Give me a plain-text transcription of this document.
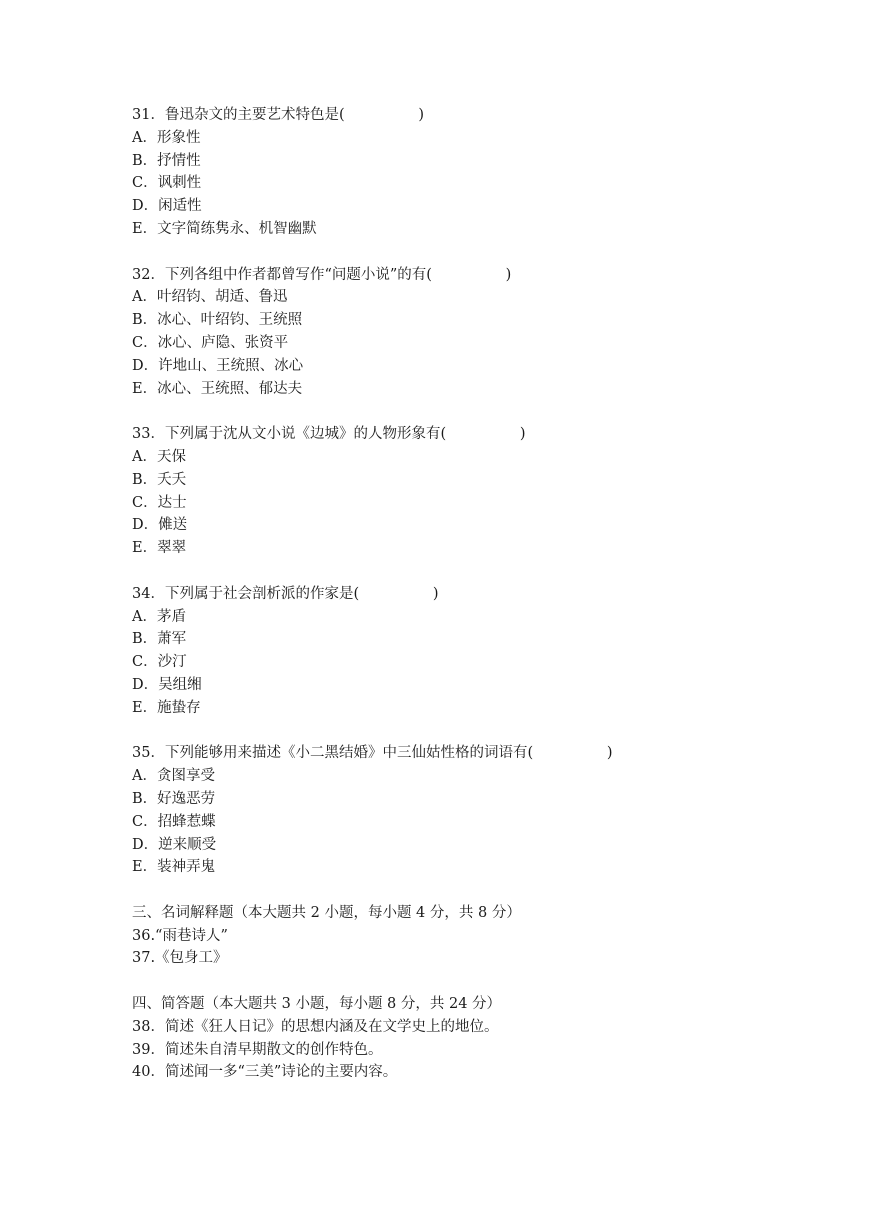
31．鲁迅杂文的主要艺术特色是(                )
A．形象性
B．抒情性
C．讽刺性
D．闲适性
E．文字简练隽永、机智幽默
32．下列各组中作者都曾写作“问题小说”的有(                )
A．叶绍钧、胡适、鲁迅
B．冰心、叶绍钧、王统照
C．冰心、庐隐、张资平
D．许地山、王统照、冰心
E．冰心、王统照、郁达夫
33．下列属于沈从文小说《边城》的人物形象有(                )
A．天保
B．夭夭
C．达士
D．傩送
E．翠翠
34．下列属于社会剖析派的作家是(                )
A．茅盾
B．萧军
C．沙汀
D．吴组缃
E．施蛰存
35．下列能够用来描述《小二黑结婚》中三仙姑性格的词语有(                )
A．贪图享受
B．好逸恶劳
C．招蜂惹蝶
D．逆来顺受
E．装神弄鬼
三、名词解释题（本大题共 2 小题，每小题 4 分，共 8 分）
36.“雨巷诗人”
37.《包身工》
四、简答题（本大题共 3 小题，每小题 8 分，共 24 分）
38．简述《狂人日记》的思想内涵及在文学史上的地位。
39．简述朱自清早期散文的创作特色。
40．简述闻一多“三美”诗论的主要内容。
